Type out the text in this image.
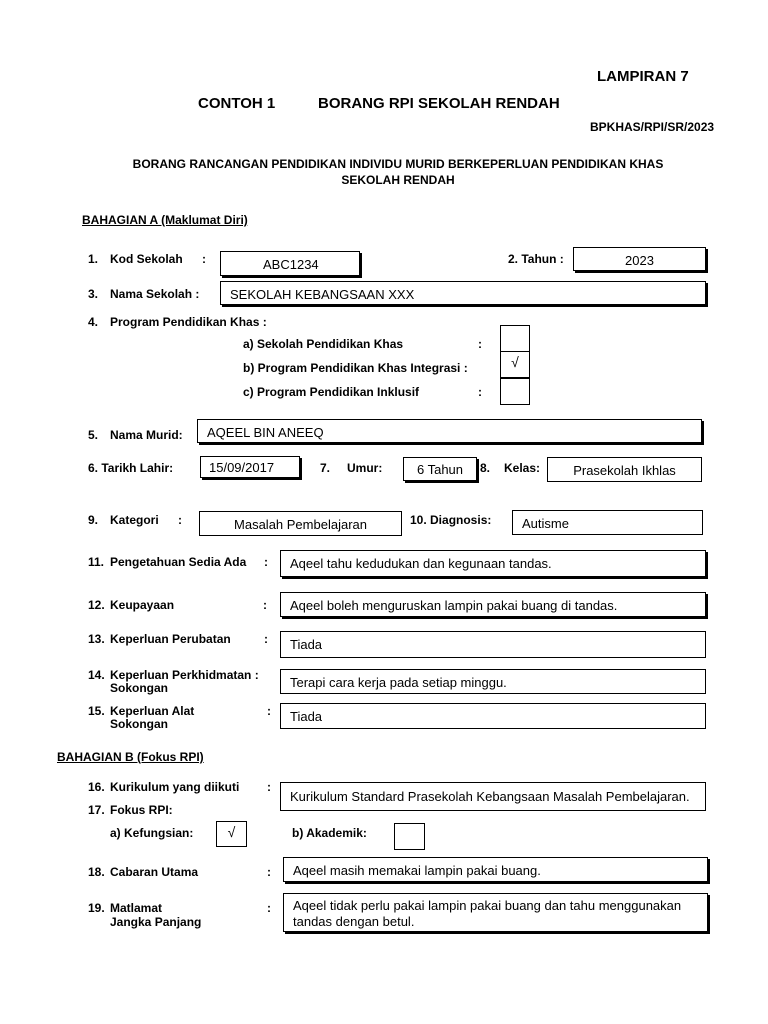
LAMPIRAN 7
CONTOH 1	BORANG RPI SEKOLAH RENDAH
BPKHAS/RPI/SR/2023
BORANG RANCANGAN PENDIDIKAN INDIVIDU MURID BERKEPERLUAN PENDIDIKAN KHAS
SEKOLAH RENDAH
BAHAGIAN A (Maklumat Diri)
1. Kod Sekolah :	ABC1234	2. Tahun :	2023
3. Nama Sekolah :	SEKOLAH KEBANGSAAN XXX
4. Program Pendidikan Khas :
a) Sekolah Pendidikan Khas	:
b) Program Pendidikan Khas Integrasi :	√
c) Program Pendidikan Inklusif	:
5. Nama Murid:	AQEEL BIN ANEEQ
6. Tarikh Lahir:	15/09/2017	7. Umur:	6 Tahun	8. Kelas:	Prasekolah Ikhlas
9. Kategori :	Masalah Pembelajaran	10. Diagnosis:	Autisme
11. Pengetahuan Sedia Ada :	Aqeel tahu kedudukan dan kegunaan tandas.
12. Keupayaan	:	Aqeel boleh menguruskan lampin pakai buang di tandas.
13. Keperluan Perubatan	:	Tiada
14. Keperluan Perkhidmatan :
Sokongan	Terapi cara kerja pada setiap minggu.
15. Keperluan Alat
Sokongan
:	Tiada
BAHAGIAN B (Fokus RPI)
16. Kurikulum yang diikuti :
Kurikulum Standard Prasekolah Kebangsaan Masalah Pembelajaran.
17. Fokus RPI:
a) Kefungsian:	√	b) Akademik:
18. Cabaran Utama	:	Aqeel masih memakai lampin pakai buang.
19. Matlamat
Jangka Panjang
: Aqeel tidak perlu pakai lampin pakai buang dan tahu menggunakan
tandas dengan betul.
